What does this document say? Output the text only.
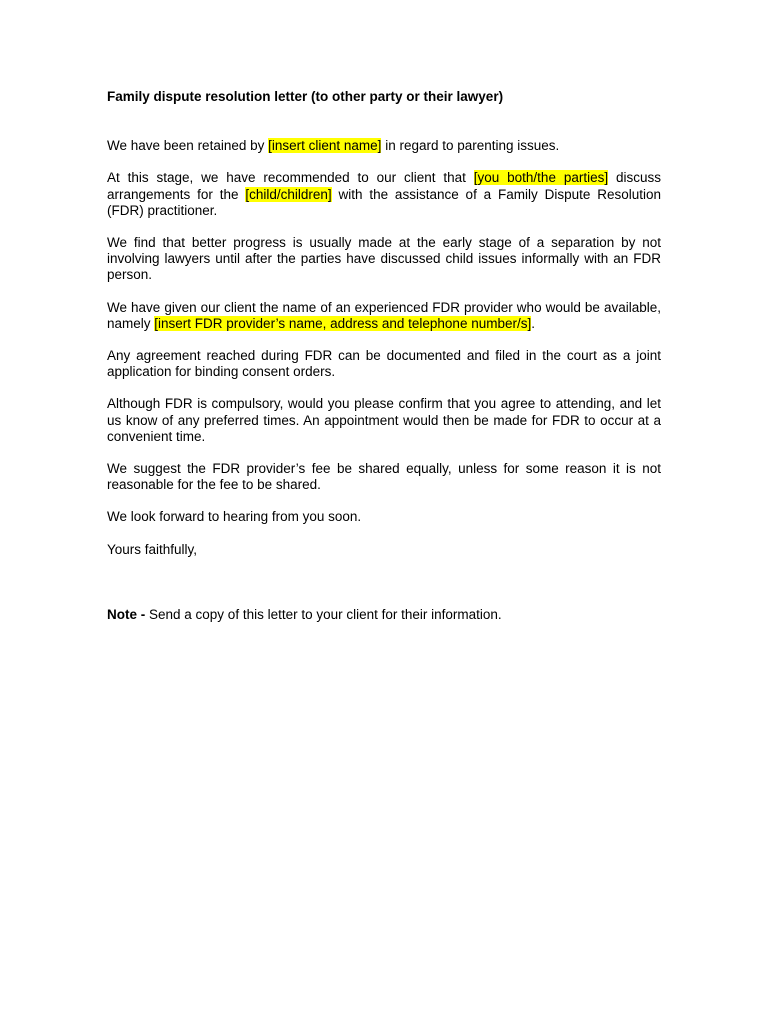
Family dispute resolution letter (to other party or their lawyer)

We have been retained by [insert client name] in regard to parenting issues.

At this stage, we have recommended to our client that [you both/the parties] discuss arrangements for the [child/children] with the assistance of a Family Dispute Resolution (FDR) practitioner.

We find that better progress is usually made at the early stage of a separation by not involving lawyers until after the parties have discussed child issues informally with an FDR person.

We have given our client the name of an experienced FDR provider who would be available, namely [insert FDR provider’s name, address and telephone number/s].

Any agreement reached during FDR can be documented and filed in the court as a joint application for binding consent orders.

Although FDR is compulsory, would you please confirm that you agree to attending, and let us know of any preferred times. An appointment would then be made for FDR to occur at a convenient time.

We suggest the FDR provider’s fee be shared equally, unless for some reason it is not reasonable for the fee to be shared.

We look forward to hearing from you soon.

Yours faithfully,

Note - Send a copy of this letter to your client for their information.
